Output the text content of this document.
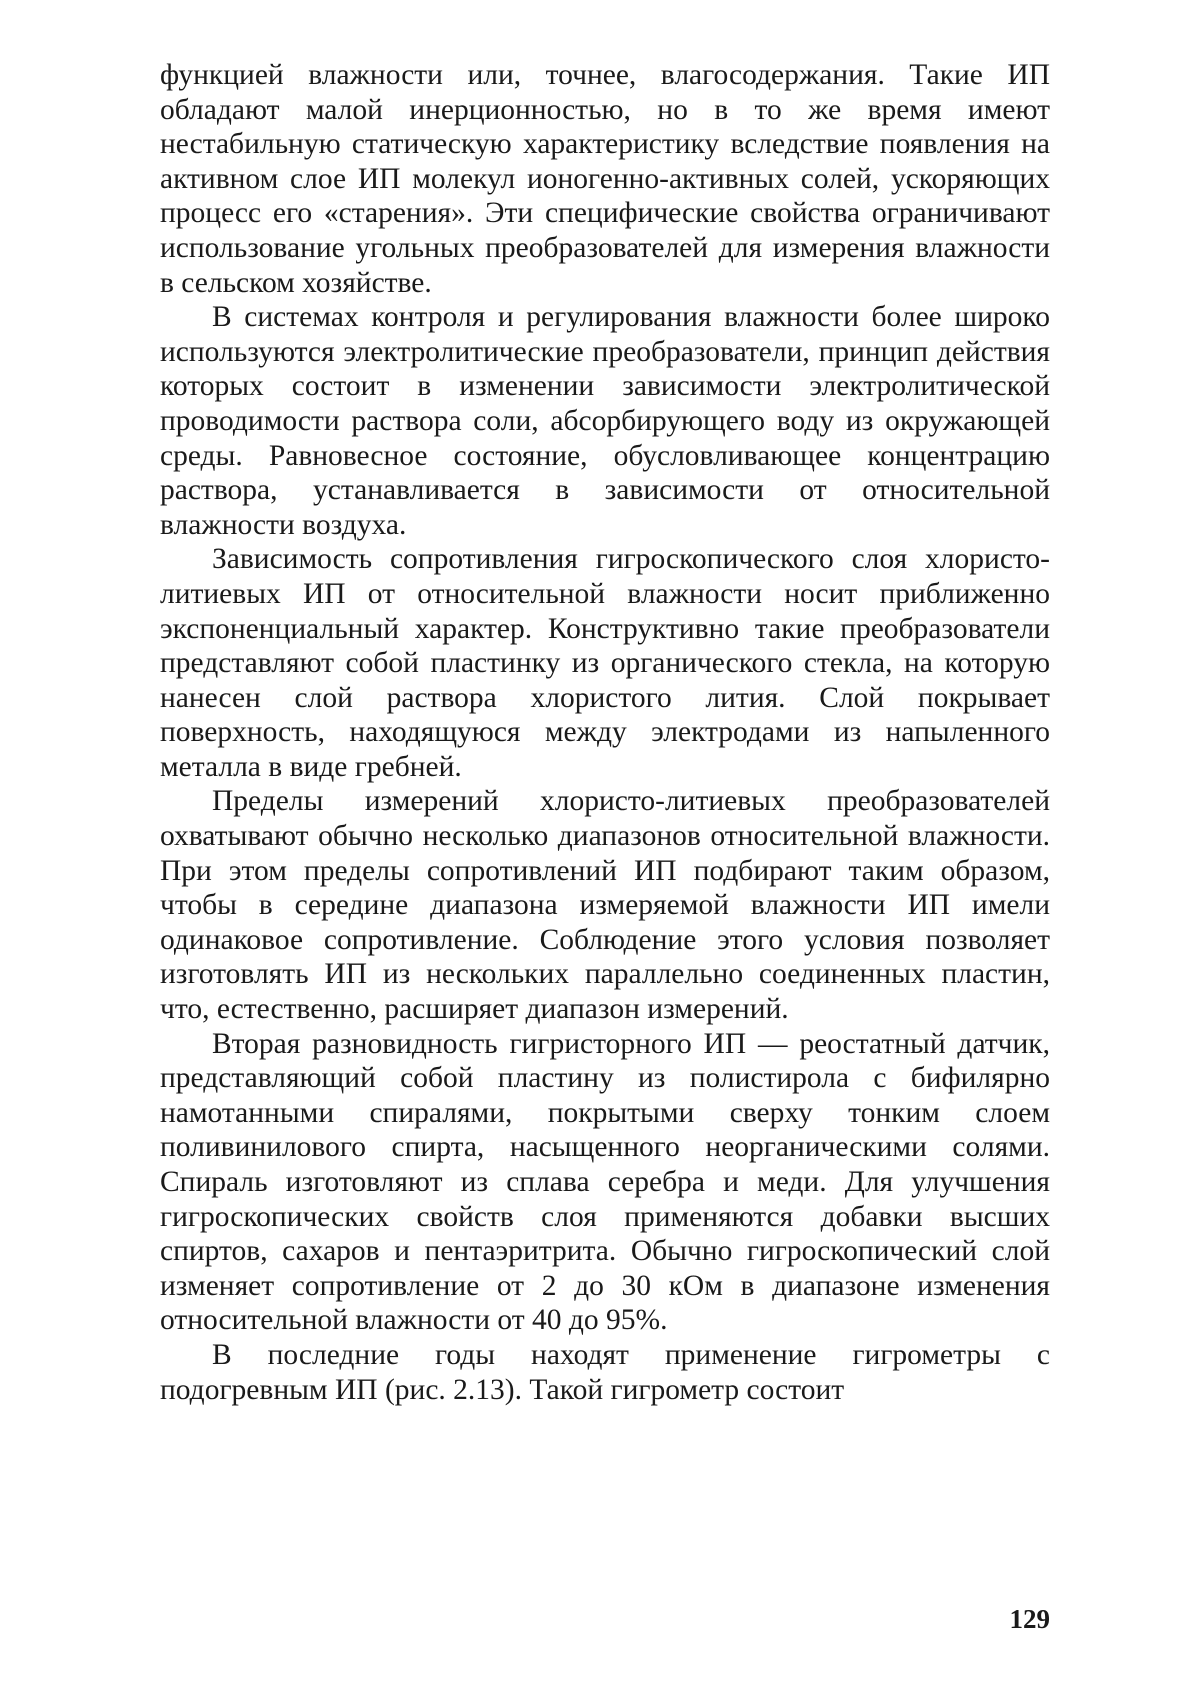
функцией влажности или, точнее, влагосодержания. Такие ИП обладают малой инерционностью, но в то же время имеют нестабильную статическую характеристику вследствие появления на активном слое ИП молекул ионогенно-активных солей, ускоряющих процесс его «старения». Эти специфические свойства ограничивают использование угольных преобразователей для измерения влажности в сельском хозяйстве.

В системах контроля и регулирования влажности более широко используются электролитические преобразователи, принцип действия которых состоит в изменении зависимости электролитической проводимости раствора соли, абсорбирующего воду из окружающей среды. Равновесное состояние, обусловливающее концентрацию раствора, устанавливается в зависимости от относительной влажности воздуха.

Зависимость сопротивления гигроскопического слоя хлористо-литиевых ИП от относительной влажности носит приближенно экспоненциальный характер. Конструктивно такие преобразователи представляют собой пластинку из органического стекла, на которую нанесен слой раствора хлористого лития. Слой покрывает поверхность, находящуюся между электродами из напыленного металла в виде гребней.

Пределы измерений хлористо-литиевых преобразователей охватывают обычно несколько диапазонов относительной влажности. При этом пределы сопротивлений ИП подбирают таким образом, чтобы в середине диапазона измеряемой влажности ИП имели одинаковое сопротивление. Соблюдение этого условия позволяет изготовлять ИП из нескольких параллельно соединенных пластин, что, естественно, расширяет диапазон измерений.

Вторая разновидность гигристорного ИП — реостатный датчик, представляющий собой пластину из полистирола с бифилярно намотанными спиралями, покрытыми сверху тонким слоем поливинилового спирта, насыщенного неорганическими солями. Спираль изготовляют из сплава серебра и меди. Для улучшения гигроскопических свойств слоя применяются добавки высших спиртов, сахаров и пентаэритрита. Обычно гигроскопический слой изменяет сопротивление от 2 до 30 кОм в диапазоне изменения относительной влажности от 40 до 95%.

В последние годы находят применение гигрометры с подогревным ИП (рис. 2.13). Такой гигрометр состоит

129
